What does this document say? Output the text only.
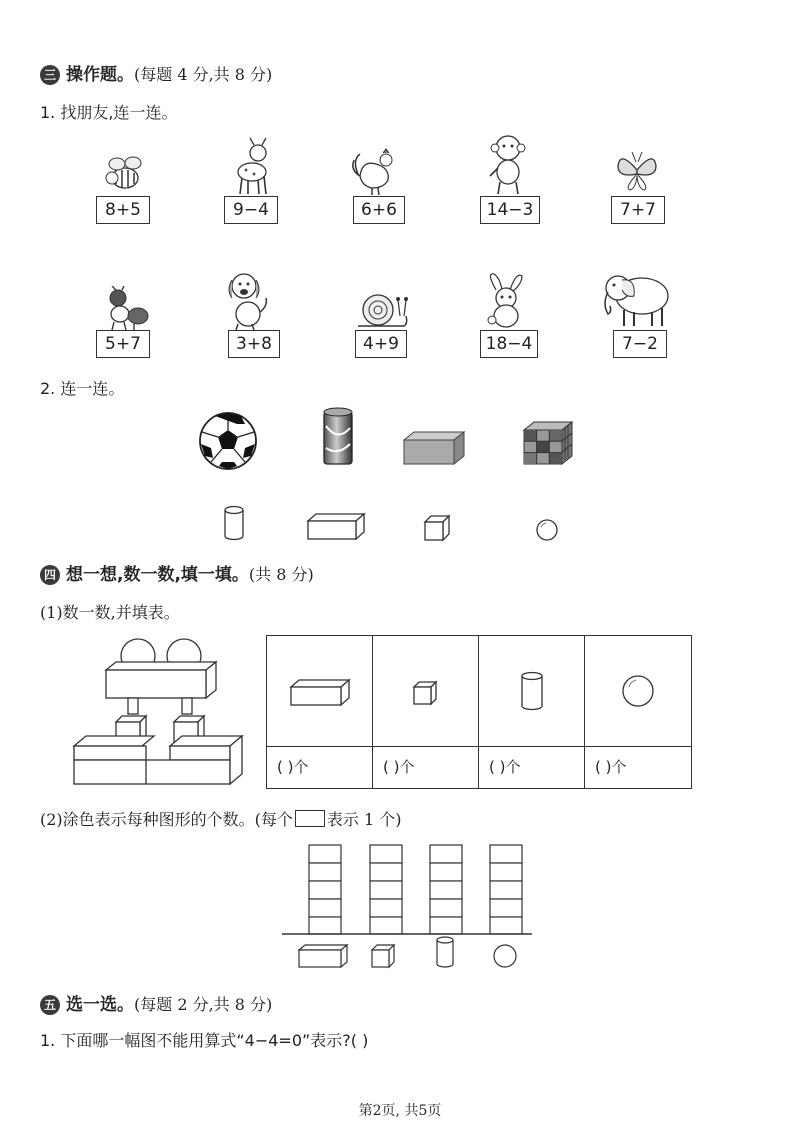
三 操作题。(每题 4 分,共 8 分)
1. 找朋友,连一连。
8+5	9−4	6+6	14−3	7+7
5+7	3+8	4+9	18−4	7−2
2. 连一连。
四 想一想,数一数,填一填。(共 8 分)
(1)数一数,并填表。
( )个	( )个	( )个	( )个
(2)涂色表示每种图形的个数。(每个 表示 1 个)
五 选一选。(每题 2 分,共 8 分)
1. 下面哪一幅图不能用算式“4−4=0”表示?( )
第2页, 共5页
